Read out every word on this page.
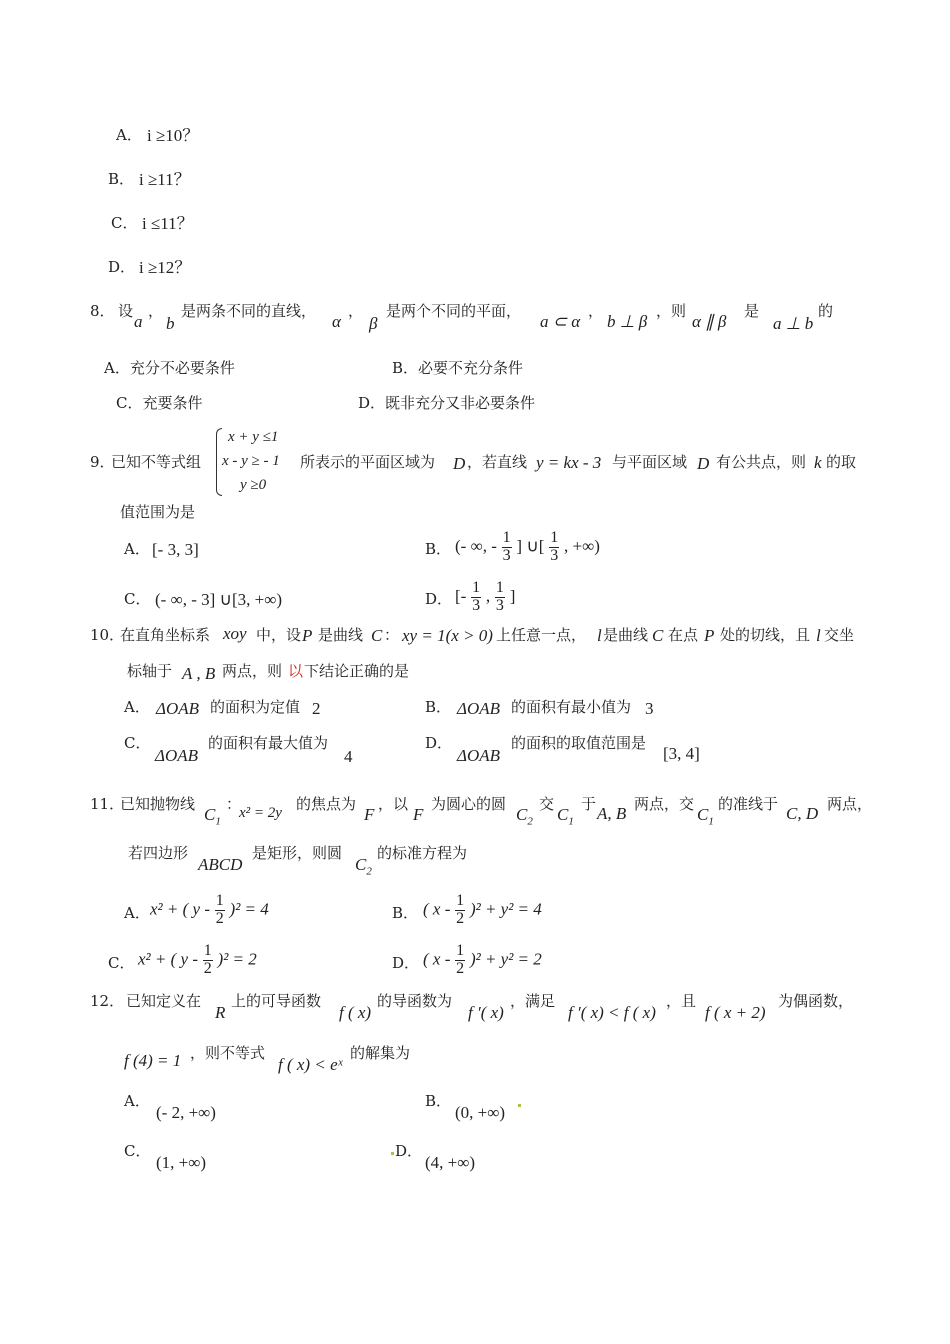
A． i ≥10？
B． i ≥11？
C． i ≤11？
D． i ≥12？
8． 设
a
，
b
是两条不同的直线，
α
，
β
是两个不同的平面，
a ⊂ α
，
b ⊥ β
，则
α ∥ β
是
a ⊥ b
的
A．充分不必要条件	B．必要不充分条件
C．充要条件	D．既非充分又非必要条件
9．
已知不等式组
x + y ≤1
x - y ≥ - 1
y ≥0
所表示的平面区域为 D ，若直线 y = kx - 3 与平面区域 D 有公共点，则 k 的取
值范围为是
A． [- 3, 3]	B． (- ∞, - $\frac{1}{3}$ ] ∪[ $\frac{1}{3}$ , +∞)
C． (- ∞, - 3] ∪[3, +∞)	D． [- $\frac{1}{3}$ , $\frac{1}{3}$ ]
10．
在直角坐标系 xoy 中，设 P 是曲线 C ： xy = 1(x > 0) 上任意一点， l 是曲线 C 在点 P 处的切线，且 l 交坐
标轴于 A , B 两点，则 以 下结论正确的是
A． ΔOAB 的面积为定值 2	B． ΔOAB 的面积有最小值为 3
C．
ΔOAB
的面积有最大值为
4
D．
ΔOAB
的面积的取值范围是
[3, 4]
11．
已知抛物线
$C_1$
：
x² = 2y 的焦点为
F
，以
F
为圆心的圆
$C_2$
交
$C_1$
于 A, B 两点，交
$C_1$
的准线于 C, D 两点，
若四边形
ABCD
是矩形，则圆
$C_2$
的标准方程为
A． x² + ( $y - \frac{1}{2} )^2 = 4$	B． ( $x - \frac{1}{2} )^2 + y^2 = 4$
C． x² + ( $y - \frac{1}{2} )^2 = 2$	D． ( $x - \frac{1}{2} )^2 + y^2 = 2$
12． 已知定义在
R
上的可导函数
f ( x)
的导函数为
f ′( x)
，满足
f ′( x) < f ( x)
，且
f ( x + 2)
为偶函数，
f (4) = 1 ，则不等式
f ( x) < eˣ
的解集为
A．
(- 2, +∞)
B．
(0, +∞)
C．
(1, +∞)
D．
(4, +∞)
